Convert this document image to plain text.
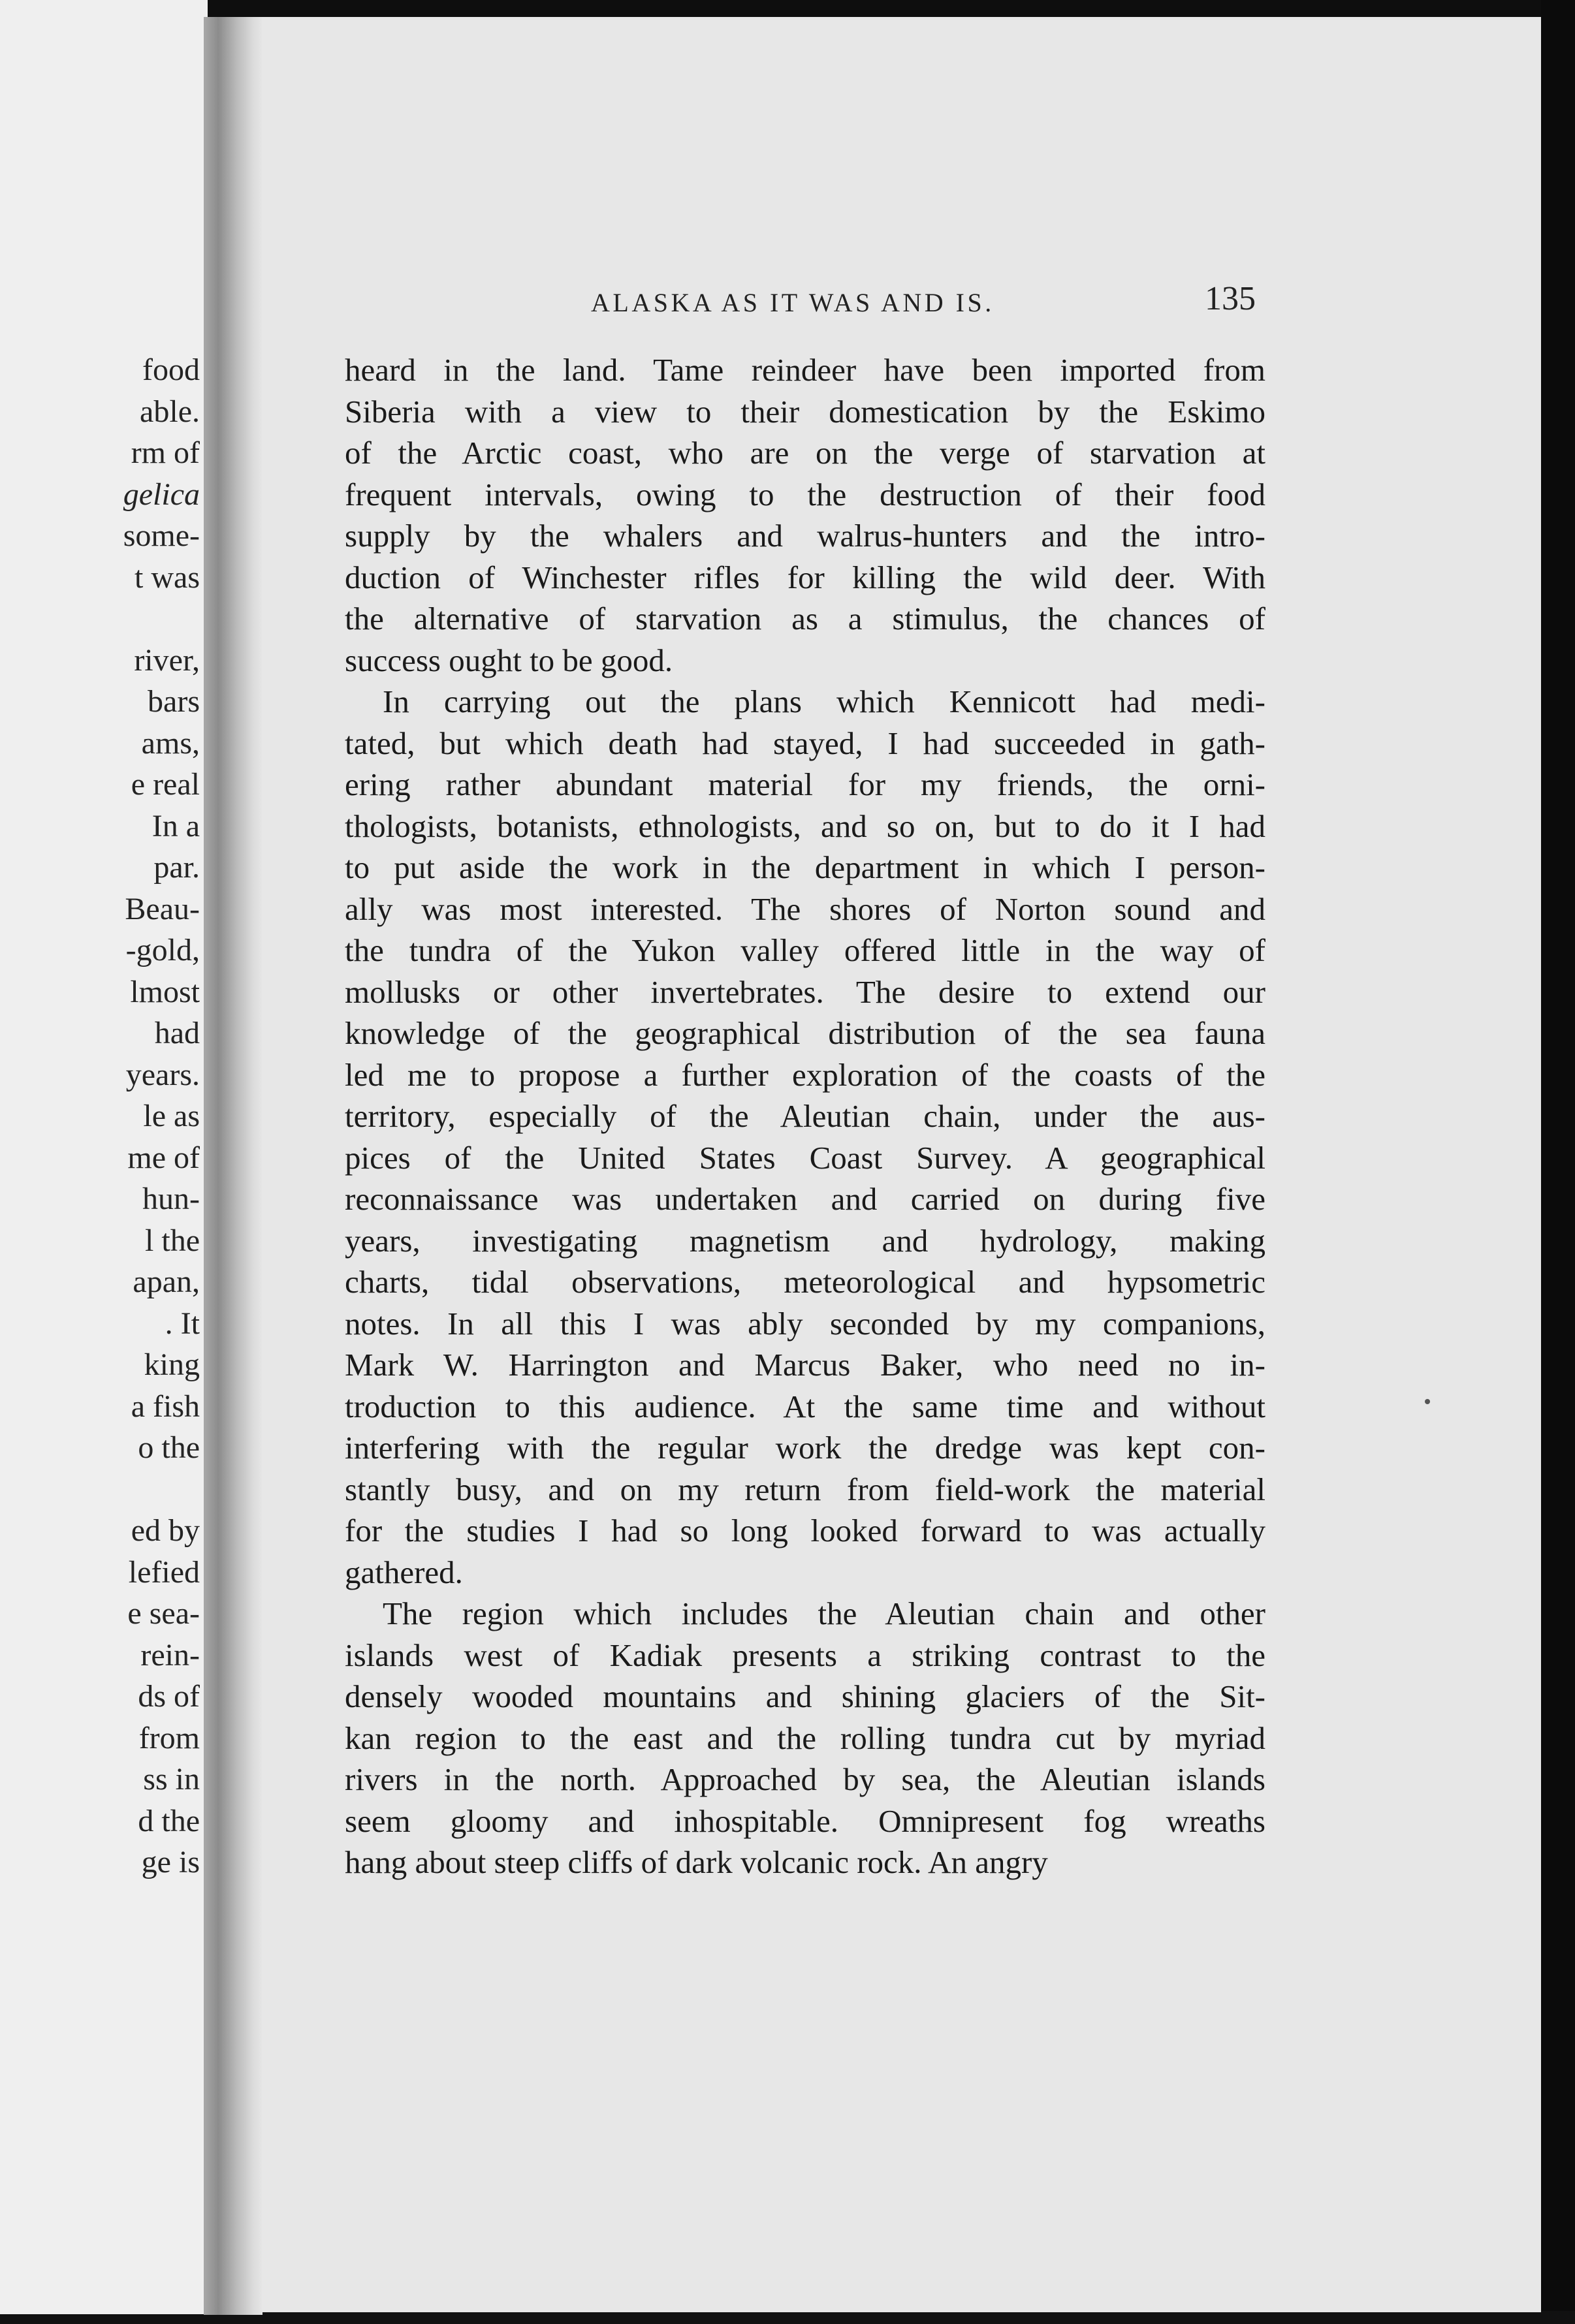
food
able.
rm of
gelica
some-
t was
river,
bars
ams,
e real
In a
par.
Beau-
-gold,
lmost
had
years.
le as
me of
hun-
l the
apan,
. It
king
a fish
o the
ed by
lefied
e sea-
rein-
ds of
from
ss in
d the
ge is
ALASKA AS IT WAS AND IS.	135
heard in the land. Tame reindeer have been imported from
Siberia with a view to their domestication by the Eskimo
of the Arctic coast, who are on the verge of starvation at
frequent intervals, owing to the destruction of their food
supply by the whalers and walrus-hunters and the intro-
duction of Winchester rifles for killing the wild deer. With
the alternative of starvation as a stimulus, the chances of
success ought to be good.
In carrying out the plans which Kennicott had medi-
tated, but which death had stayed, I had succeeded in gath-
ering rather abundant material for my friends, the orni-
thologists, botanists, ethnologists, and so on, but to do it I had
to put aside the work in the department in which I person-
ally was most interested. The shores of Norton sound and
the tundra of the Yukon valley offered little in the way of
mollusks or other invertebrates. The desire to extend our
knowledge of the geographical distribution of the sea fauna
led me to propose a further exploration of the coasts of the
territory, especially of the Aleutian chain, under the aus-
pices of the United States Coast Survey. A geographical
reconnaissance was undertaken and carried on during five
years, investigating magnetism and hydrology, making
charts, tidal observations, meteorological and hypsometric
notes. In all this I was ably seconded by my companions,
Mark W. Harrington and Marcus Baker, who need no in-
troduction to this audience. At the same time and without
interfering with the regular work the dredge was kept con-
stantly busy, and on my return from field-work the material
for the studies I had so long looked forward to was actually
gathered.
The region which includes the Aleutian chain and other
islands west of Kadiak presents a striking contrast to the
densely wooded mountains and shining glaciers of the Sit-
kan region to the east and the rolling tundra cut by myriad
rivers in the north. Approached by sea, the Aleutian islands
seem gloomy and inhospitable. Omnipresent fog wreaths
hang about steep cliffs of dark volcanic rock. An angry
